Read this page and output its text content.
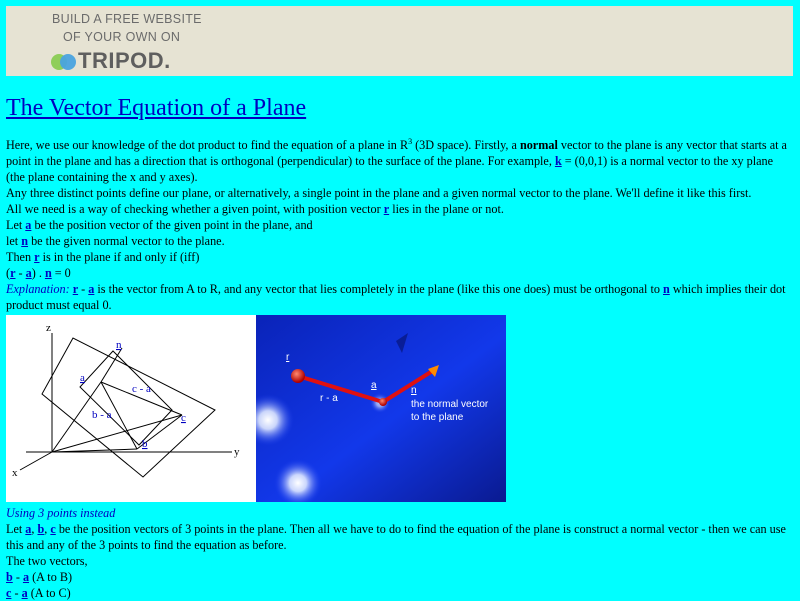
BUILD A FREE WEBSITE
OF YOUR OWN ON
TRIPOD.
The Vector Equation of a Plane

Here, we use our knowledge of the dot product to find the equation of a plane in $R^3$ (3D space). Firstly, a normal vector to the plane is any vector that starts at a point in the plane and has a direction that is orthogonal (perpendicular) to the surface of the plane. For example, k = (0,0,1) is a normal vector to the xy plane (the plane containing the x and y axes).

Any three distinct points define our plane, or alternatively, a single point in the plane and a given normal vector to the plane. We'll define it like this first.

All we need is a way of checking whether a given point, with position vector r lies in the plane or not.

Let a be the position vector of the given point in the plane, and

let n be the given normal vector to the plane.

Then r is in the plane if and only if (iff)

(r - a) . n = 0

Explanation: r - a is the vector from A to R, and any vector that lies completely in the plane (like this one does) must be orthogonal to n which implies their dot product must equal 0.

z
y
x
n
a
c - a
b - a
b
c
r
a
r - a
n
the normal vector
to the plane

Using 3 points instead

Let a, b, c be the position vectors of 3 points in the plane. Then all we have to do to find the equation of the plane is construct a normal vector - then we can use this and any of the 3 points to find the equation as before.

The two vectors,

b - a (A to B)

c - a (A to C)
